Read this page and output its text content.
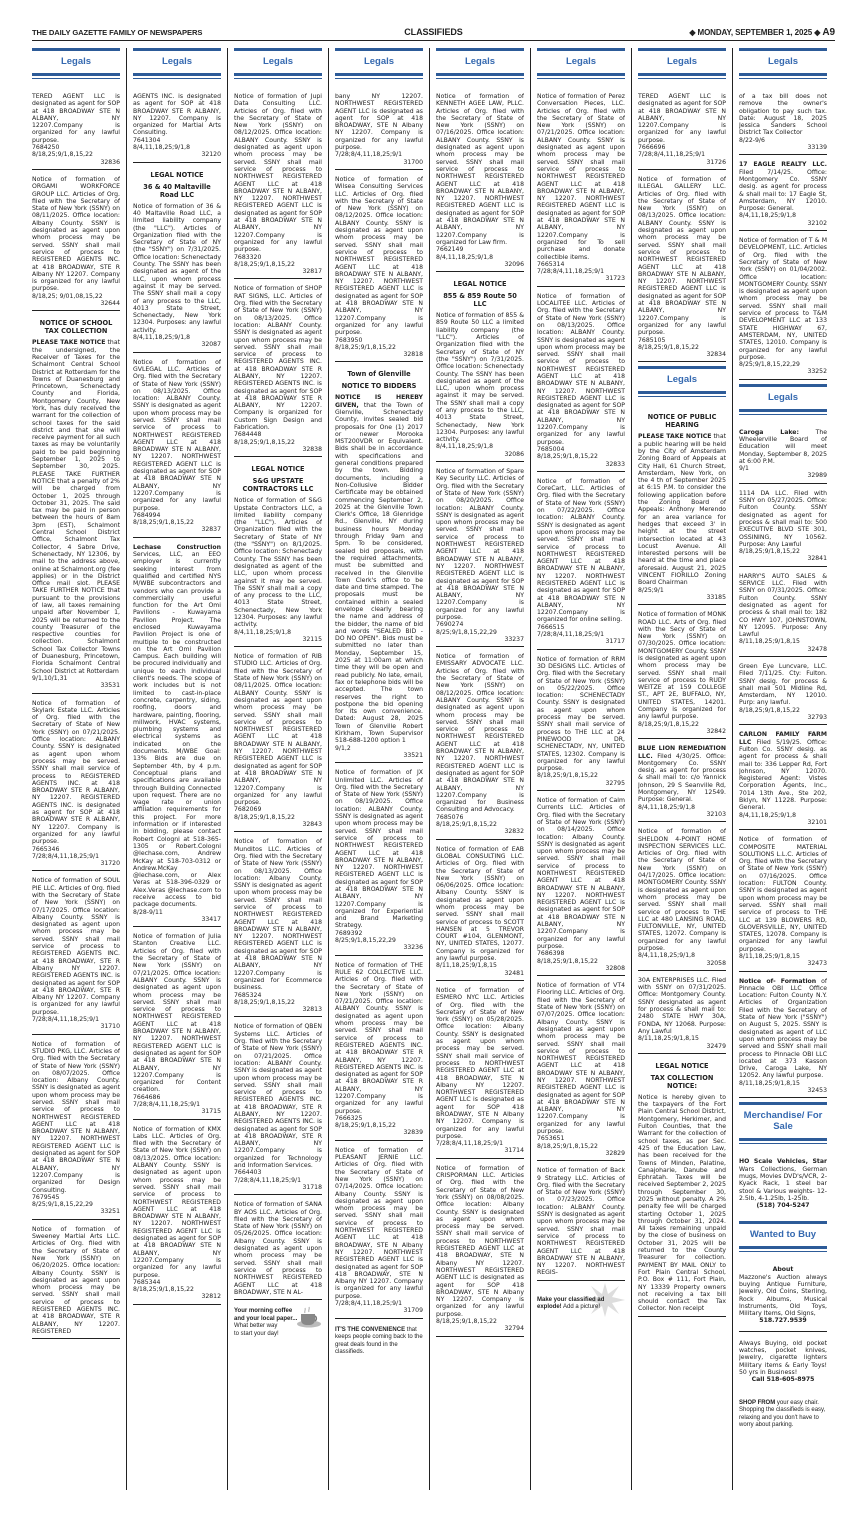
THE DAILY GAZETTE FAMILY OF NEWSPAPERS	CLASSIFIEDS	◆ MONDAY, SEPTEMBER 1, 2025 ◆ A9
Legals
TERED AGENT LLC is designated as agent for SOP at 418 BROADWAY STE N ALBANY, NY 12207.Company is organized for any lawful purpose.
7684250
8/18,25;9/1,8,15,22
32836
Notice of formation of ORGAMI WORKFORCE GROUP LLC. Articles of Org. filed with the Secretary of State of New York (SSNY) on 08/11/2025. Office location: Albany County. SSNY is designated as agent upon whom process may be served. SSNY shall mail service of process to REGISTERED AGENTS INC. at 418 BROADWAY, STE R Albany NY 12207. Company is organized for any lawful purpose.
8/18,25; 9/01,08,15,22
32644
NOTICE OF SCHOOL TAX COLLECTION
PLEASE TAKE NOTICE that the undersigned, the Receiver of Taxes for the Schalmont Central School District at Rotterdam for the Towns of Duanesburg and Princetown, Schenectady County and Florida, Montgomery County, New York, has duly received the warrant for the collection of school taxes for the said district and that she will receive payment for all such taxes as may be voluntarily paid to be paid beginning September 1, 2025 to September 30, 2025. PLEASE TAKE FURTHER NOTICE that a penalty of 2% will be charged from October 1, 2025 through October 31, 2025. The said tax may be paid in person between the hours of 8am 3pm (EST), Schalmont Central School District Office, Schalmont Tax Collector, 4 Sabre Drive, Schenectady, NY 12306, by mail to the address above, online at Schalmont.org (fee applies) or in the District Office mail slot. PLEASE TAKE FURTHER NOTICE that pursuant to the provisions of law, all taxes remaining unpaid after November 1, 2025 will be returned to the county Treasurer of the respective counties for collection. Schalmont School Tax Collector Towns of Duanesburg, Princetown, Florida Schalmont Central School District at Rotterdam
9/1,10/1,31
33531
Notice of formation of Skylark Estate LLC. Articles of Org. filed with the Secretary of State of New York (SSNY) on 07/21/2025. Office location: ALBANY County. SSNY is designated as agent upon whom process may be served. SSNY shall mail service of process to REGISTERED AGENTS INC. at 418 BROADWAY STE R ALBANY, NY 12207. REGISTERED AGENTS INC. is designated as agent for SOP at 418 BROADWAY STE R ALBANY, NY 12207. Company is organized for any lawful purpose.
7665346
7/28;8/4,11,18,25;9/1
31720
Notice of formation of SOUL PIE LLC. Articles of Org. filed with the Secretary of State of New York (SSNY) on 07/17/2025. Office location: Albany County. SSNY is designated as agent upon whom process may be served. SSNY shall mail service of process to REGISTERED AGENTS INC. at 418 BROADWAY, STE R Albany NY 12207. REGISTERED AGENTS INC. is designated as agent for SOP at 418 BROADWAY, STE R Albany NY 12207. Company is organized for any lawful purpose.
7/28;8/4,11,18,25;9/1
31710
Notice of formation of STUDIO PKG, LLC. Articles of Org. filed with the Secretary of State of New York (SSNY) on 08/07/2025. Office location: Albany County. SSNY is designated as agent upon whom process may be served. SSNY shall mail service of process to NORTHWEST REGISTERED AGENT LLC at 418 BROADWAY STE N ALBANY, NY 12207. NORTHWEST REGISTERED AGENT LLC is designated as agent for SOP at 418 BROADWAY STE N ALBANY, NY 12207.Company is organized for Design Consulting.
7679545
8/25;9/1,8,15,22,29
33251
Notice of formation of Sweeney Martial Arts LLC. Articles of Org. filed with the Secretary of State of New York (SSNY) on 06/20/2025. Office location: Albany County. SSNY is designated as agent upon whom process may be served. SSNY shall mail service of process to REGISTERED AGENTS INC. at 418 BROADWAY, STE R ALBANY, NY 12207. REGISTERED
Legals
AGENTS INC. is designated as agent for SOP at 418 BROADWAY STE R ALBANY, NY 12207. Company is organized for Martial Arts Consulting.
7641304
8/4,11,18,25;9/1,8
32120
LEGAL NOTICE
36 & 40 Maltaville Road LLC
Notice of formation of 36 & 40 Maltaville Road LLC, a limited liability company (the "LLC"). Articles of Organization filed with the Secretary of State of NY (the "SSNY") on 7/31/2025. Office location: Schenectady County. The SSNY has been designated as agent of the LLC, upon whom process against it may be served. The SSNY shall mail a copy of any process to the LLC, 4013 State Street, Schenectady, New York 12304. Purposes: any lawful activity.
8/4,11,18,25;9/1,8
32087
Notice of formation of GVLEGAL LLC. Articles of Org. filed with the Secretary of State of New York (SSNY) on 08/13/2025. Office location: ALBANY County. SSNY is designated as agent upon whom process may be served. SSNY shall mail service of process to NORTHWEST REGISTERED AGENT LLC at 418 BROADWAY STE N ALBANY, NY 12207. NORTHWEST REGISTERED AGENT LLC is designated as agent for SOP at 418 BROADWAY STE N ALBANY, NY 12207.Company is organized for any lawful purpose.
7684994
8/18,25;9/1,8,15,22
32837
Lechase Construction Services, LLC, an EEO employer is currently seeking interest from qualified and certified NYS M/WBE subcontractors and vendors who can provide a commercially useful function for the Art Omi Pavilions - Kuwayama Pavilion Project. The enclosed Kuwayama Pavilion Project is one of multiple to be constructed on the Art Omi Pavilion Campus. Each building will be procured individually and unique to each individual client's needs. The scope of work includes but is not limited to cast-in-place concrete, carpentry, siding, roofing, doors and hardware, painting, flooring, millwork, HVAC systems, plumbing systems and electrical systems as indicated on the documents. M/WBE Goal: 13% Bids are due on September 4th, by 4 p.m. Conceptual plans and specifications are available through Building Connected upon request. There are no wage rate or union affiliation requirements for this project. For more information or if interested in bidding, please contact Robert Cologni at 518-365-1305 or Robert.Cologni @lechase.com, Andrew McKay at 518-703-0312 or Andrew.McKay @lechase.com, or Alex Veras at 518-396-0329 or Alex.Veras @lechase.com to receive access to bid package documents.
8/28-9/11
33417
Notice of formation of Julia Stanton Creative LLC. Articles of Org. filed with the Secretary of State of New York (SSNY) on 07/21/2025. Office location: ALBANY County. SSNY is designated as agent upon whom process may be served. SSNY shall mail service of process to NORTHWEST REGISTERED AGENT LLC at 418 BROADWAY STE N ALBANY, NY 12207. NORTHWEST REGISTERED AGENT LLC is designated as agent for SOP at 418 BROADWAY STE N ALBANY, NY 12207.Company is organized for Content creation.
7664686
7/28;8/4,11,18,25;9/1
31715
Notice of formation of KMX Labs LLC. Articles of Org. filed with the Secretary of State of New York (SSNY) on 08/13/2025. Office location: ALBANY County. SSNY is designated as agent upon whom process may be served. SSNY shall mail service of process to NORTHWEST REGISTERED AGENT LLC at 418 BROADWAY STE N ALBANY, NY 12207. NORTHWEST REGISTERED AGENT LLC is designated as agent for SOP at 418 BROADWAY STE N ALBANY, NY 12207.Company is organized for any lawful purpose.
7685344
8/18,25;9/1,8,15,22
32812
Legals
Notice of formation of Jupi Data Consulting LLC. Articles of Org. filed with the Secretary of State of New York (SSNY) on 08/12/2025. Office location: ALBANY County. SSNY is designated as agent upon whom process may be served. SSNY shall mail service of process to NORTHWEST REGISTERED AGENT LLC at 418 BROADWAY STE N ALBANY, NY 12207. NORTHWEST REGISTERED AGENT LLC is designated as agent for SOP at 418 BROADWAY STE N ALBANY, NY 12207.Company is organized for any lawful purpose.
7683320
8/18,25;9/1,8,15,22
32817
Notice of formation of SHOP RAT SIGNS, LLC. Articles of Org. filed with the Secretary of State of New York (SSNY) on 08/13/2025. Office location: ALBANY County. SSNY is designated as agent upon whom process may be served. SSNY shall mail service of process to REGISTERED AGENTS INC. at 418 BROADWAY STE R ALBANY, NY 12207. REGISTERED AGENTS INC. is designated as agent for SOP at 418 BROADWAY STE R ALBANY, NY 12207. Company is organized for Custom Sign Design and Fabrication.
7684448
8/18,25;9/1,8,15,22
32838
LEGAL NOTICE
S&G UPSTATE CONTRACTORS LLC
Notice of formation of S&G Upstate Contractors LLC, a limited liability company (the "LLC"). Articles of Organization filed with the Secretary of State of NY (the "SSNY") on 8/1/2025. Office location: Schenectady County. The SSNY has been designated as agent of the LLC, upon whom process against it may be served. The SSNY shall mail a copy of any process to the LLC, 4013 State Street, Schenectady, New York 12304. Purposes: any lawful activity.
8/4,11,18,25;9/1,8
32115
Notice of formation of RIB STUDIO LLC. Articles of Org. filed with the Secretary of State of New York (SSNY) on 08/11/2025. Office location: ALBANY County. SSNY is designated as agent upon whom process may be served. SSNY shall mail service of process to NORTHWEST REGISTERED AGENT LLC at 418 BROADWAY STE N ALBANY, NY 12207. NORTHWEST REGISTERED AGENT LLC is designated as agent for SOP at 418 BROADWAY STE N ALBANY, NY 12207.Company is organized for any lawful purpose.
7682069
8/18,25;9/1,8,15,22
32843
Notice of formation of Munditos LLC. Articles of Org. filed with the Secretary of State of New York (SSNY) on 08/13/2025. Office location: Albany County. SSNY is designated as agent upon whom process may be served. SSNY shall mail service of process to NORTHWEST REGISTERED AGENT LLC at 418 BROADWAY STE N ALBANY, NY 12207. NORTHWEST REGISTERED AGENT LLC is designated as agent for SOP at 418 BROADWAY STE N ALBANY, NY 12207.Company is organized for Ecommerce business.
7685324
8/18,25;9/1,8,15,22
32813
Notice of formation of QBEN Systems LLC. Articles of Org. filed with the Secretary of State of New York (SSNY) on 07/21/2025. Office location: ALBANY County. SSNY is designated as agent upon whom process may be served. SSNY shall mail service of process to REGISTERED AGENTS INC. at 418 BROADWAY, STE R ALBANY, NY 12207. REGISTERED AGENTS INC. is designated as agent for SOP at 418 BROADWAY, STE R ALBANY, NY 12207.Company is organized for Technology and Information Services.
7664403
7/28;8/4,11,18,25;9/1
31718
Notice of formation of SANA BY AOS LLC. Articles of Org. filed with the Secretary of State of New York (SSNY) on 05/26/2025. Office location: Albany County. SSNY is designated as agent upon whom process may be served. SSNY shall mail service of process to NORTHWEST REGISTERED AGENT LLC at 418 BROADWAY, STE N AL-
Your morning coffee
and your local paper...
What better way
to start your day!
Legals
bany NY 12207. NORTHWEST REGISTERED AGENT LLC is designated as agent for SOP at 418 BROADWAY, STE N Albany NY 12207. Company is organized for any lawful purpose.
7/28;8/4,11,18,25;9/1
31700
Notice of formation of Wilsea Consulting Services LLC. Articles of Org. filed with the Secretary of State of New York (SSNY) on 08/12/2025. Office location: ALBANY County. SSNY is designated as agent upon whom process may be served. SSNY shall mail service of process to NORTHWEST REGISTERED AGENT LLC at 418 BROADWAY STE N ALBANY, NY 12207. NORTHWEST REGISTERED AGENT LLC is designated as agent for SOP at 418 BROADWAY STE N ALBANY, NY 12207.Company is organized for any lawful purpose.
7683950
8/18,25;9/1,8,15,22
32818
Town of Glenville
NOTICE TO BIDDERS
NOTICE IS HEREBY GIVEN, that the Town of Glenville, Schenectady County, invites sealed bid proposals for One (1) 2017 or newer Morooka MST200VDR or Equivalent. Bids shall be in accordance with specifications and general conditions prepared by the town. Bidding documents, including a Non-Collusive Bidder Certificate may be obtained commencing September 2, 2025 at the Glenville Town Clerk's Office, 18 Glenridge Rd., Glenville, NY during business hours Monday through Friday 9am and 5pm. To be considered, sealed bid proposals, with the required attachments, must be submitted and received in the Glenville Town Clerk's office to be date and time stamped. The proposals must be contained within a sealed envelope clearly bearing the name and address of the bidder, the name of bid and words "SEALED BID - DO NO OPEN". Bids must be submitted no later than Monday, September 15, 2025 at 11:00am at which time they will be open and read publicly. No late, email, fax or telephone bids will be accepted. The town reserves the right to postpone the bid opening for its own convenience. Dated: August 28, 2025 Town of Glenville Robert Kirkham, Town Supervisor 518-688-1200 option 1
9/1,2
33521
Notice of formation of JX Unlimited LLC. Articles of Org. filed with the Secretary of State of New York (SSNY) on 08/19/2025. Office location: ALBANY County. SSNY is designated as agent upon whom process may be served. SSNY shall mail service of process to NORTHWEST REGISTERED AGENT LLC at 418 BROADWAY STE N ALBANY, NY 12207. NORTHWEST REGISTERED AGENT LLC is designated as agent for SOP at 418 BROADWAY STE N ALBANY, NY 12207.Company is organized for Experiential and Brand Marketing Strategy.
7689392
8/25;9/1,8,15,22,29
33236
Notice of formation of THE RULE 62 COLLECTIVE LLC. Articles of Org. filed with the Secretary of State of New York (SSNY) on 07/21/2025. Office location: ALBANY County. SSNY is designated as agent upon whom process may be served. SSNY shall mail service of process to REGISTERED AGENTS INC. at 418 BROADWAY STE R ALBANY, NY 12207. REGISTERED AGENTS INC. is designated as agent for SOP at 418 BROADWAY STE R ALBANY, NY 12207.Company is organized for any lawful purpose.
7666325
8/18,25;9/1,8,15,22
32839
Notice of formation of PLEASANT JERNIE LLC. Articles of Org. filed with the Secretary of State of New York (SSNY) on 07/14/2025. Office location: Albany County. SSNY is designated as agent upon whom process may be served. SSNY shall mail service of process to NORTHWEST REGISTERED AGENT LLC at 418 BROADWAY, STE N Albany NY 12207. NORTHWEST REGISTERED AGENT LLC is designated as agent for SOP 418 BROADWAY, STE N Albany NY 12207. Company is organized for any lawful purpose.
7/28;8/4,11,18,25;9/1
31709
IT'S THE CONVENIENCE that keeps people coming back to the great deals found in the classifieds.
Legals
Notice of formation of KENNETH AGEE LAW, PLLC. Articles of Org. filed with the Secretary of State of New York (SSNY) on 07/16/2025. Office location: ALBANY County. SSNY is designated as agent upon whom process may be served. SSNY shall mail service of process to NORTHWEST REGISTERED AGENT LLC at 418 BROADWAY STE N ALBANY, NY 12207. NORTHWEST REGISTERED AGENT LLC is designated as agent for SOP at 418 BROADWAY STE N ALBANY, NY 12207.Company is organized for Law firm.
7662149
8/4,11,18,25;9/1,8
32096
LEGAL NOTICE
855 & 859 Route 50 LLC
Notice of formation of 855 & 859 Route 50 LLC a limited liability company (the "LLC"). Articles of Organization filed with the Secretary of State of NY (the "SSNY") on 7/31/2025. Office location: Schenectady County. The SSNY has been designated as agent of the LLC, upon whom process against it may be served. The SSNY shall mail a copy of any process to the LLC, 4013 State Street, Schenectady, New York 12304. Purposes: any lawful activity.
8/4,11,18,25;9/1,8
32086
Notice of formation of Spare Key Security LLC. Articles of Org. filed with the Secretary of State of New York (SSNY) on 08/20/2025. Office location: ALBANY County. SSNY is designated as agent upon whom process may be served. SSNY shall mail service of process to NORTHWEST REGISTERED AGENT LLC at 418 BROADWAY STE N ALBANY, NY 12207. NORTHWEST REGISTERED AGENT LLC is designated as agent for SOP at 418 BROADWAY STE N ALBANY, NY 12207.Company is organized for any lawful purpose.
7690274
8/25;9/1,8,15,22,29
33237
Notice of formation of EMISSARY ADVOCATE LLC. Articles of Org. filed with the Secretary of State of New York (SSNY) on 08/12/2025. Office location: ALBANY County. SSNY is designated as agent upon whom process may be served. SSNY shall mail service of process to NORTHWEST REGISTERED AGENT LLC at 418 BROADWAY STE N ALBANY, NY 12207. NORTHWEST REGISTERED AGENT LLC is designated as agent for SOP at 418 BROADWAY STE N ALBANY, NY 12207.Company is organized for Business Consulting and Advocacy.
7685076
8/18,25;9/1,8,15,22
32832
Notice of formation of EAB GLOBAL CONSULTING LLC. Articles of Org. filed with the Secretary of State of New York (SSNY) on 06/06/2025. Office location: Albany County. SSNY is designated as agent upon whom process may be served. SSNY shall mail service of process to SCOTT HANSEN at 5 TREVOR COURT #104, GLENMONT, NY, UNITED STATES, 12077. Company is organized for any lawful purpose.
8/11,18,25;9/1,8,15
32481
Notice of formation of ESMERO NYC LLC. Articles of Org. filed with the Secretary of State of New York (SSNY) on 05/28/2025. Office location: Albany County. SSNY is designated as agent upon whom process may be served. SSNY shall mail service of process to NORTHWEST REGISTERED AGENT LLC at 418 BROADWAY, STE N Albany NY 12207. NORTHWEST REGISTERED AGENT LLC is designated as agent for SOP 418 BROADWAY, STE N Albany NY 12207. Company is organized for any lawful purpose.
7/28;8/4,11,18,25;9/1
31714
Notice of formation of CRISPORMAN LLC. Articles of Org. filed with the Secretary of State of New York (SSNY) on 08/08/2025. Office location: Albany County. SSNY is designated as agent upon whom process may be served. SSNY shall mail service of process to NORTHWEST REGISTERED AGENT LLC at 418 BROADWAY, STE N Albany NY 12207. NORTHWEST REGISTERED AGENT LLC is designated as agent for SOP 418 BROADWAY, STE N Albany NY 12207. Company is organized for any lawful purpose.
8/18,25;9/1,8,15,22
32794
Legals
Notice of formation of Perez Conversation Pieces, LLC. Articles of Org. filed with the Secretary of State of New York (SSNY) on 07/21/2025. Office location: ALBANY County. SSNY is designated as agent upon whom process may be served. SSNY shall mail service of process to NORTHWEST REGISTERED AGENT LLC at 418 BROADWAY STE N ALBANY, NY 12207. NORTHWEST REGISTERED AGENT LLC is designated as agent for SOP at 418 BROADWAY STE N ALBANY, NY 12207.Company is organized for To sell purchase and donate collectible items.
7665314
7/28;8/4,11,18,25;9/1
31723
Notice of formation of LOCALITEE LLC. Articles of Org. filed with the Secretary of State of New York (SSNY) on 08/13/2025. Office location: ALBANY County. SSNY is designated as agent upon whom process may be served. SSNY shall mail service of process to NORTHWEST REGISTERED AGENT LLC at 418 BROADWAY STE N ALBANY, NY 12207. NORTHWEST REGISTERED AGENT LLC is designated as agent for SOP at 418 BROADWAY STE N ALBANY, NY 12207.Company is organized for any lawful purpose.
7685004
8/18,25;9/1,8,15,22
32833
Notice of formation of CoreCart, LLC. Articles of Org. filed with the Secretary of State of New York (SSNY) on 07/22/2025. Office location: ALBANY County. SSNY is designated as agent upon whom process may be served. SSNY shall mail service of process to NORTHWEST REGISTERED AGENT LLC at 418 BROADWAY STE N ALBANY, NY 12207. NORTHWEST REGISTERED AGENT LLC is designated as agent for SOP at 418 BROADWAY STE N ALBANY, NY 12207.Company is organized for online selling.
7666515
7/28;8/4,11,18,25;9/1
31717
Notice of formation of RRM 3D DESIGNS LLC. Articles of Org. filed with the Secretary of State of New York (SSNY) on 05/22/2025. Office location: SCHENECTADY County. SSNY is designated as agent upon whom process may be served. SSNY shall mail service of process to THE LLC at 24 PINEWOOD DR, SCHENECTADY, NY, UNITED STATES, 12302. Company is organized for any lawful purpose.
8/18,25;9/1,8,15,22
32795
Notice of formation of Calm Currents LLC. Articles of Org. filed with the Secretary of State of New York (SSNY) on 08/14/2025. Office location: Albany County. SSNY is designated as agent upon whom process may be served. SSNY shall mail service of process to NORTHWEST REGISTERED AGENT LLC at 418 BROADWAY STE N ALBANY, NY 12207. NORTHWEST REGISTERED AGENT LLC is designated as agent for SOP at 418 BROADWAY STE N ALBANY, NY 12207.Company is organized for any lawful purpose.
7686398
8/18,25;9/1,8,15,22
32808
Notice of formation of VT4 Flooring LLC. Articles of Org. filed with the Secretary of State of New York (SSNY) on 07/07/2025. Office location: Albany County. SSNY is designated as agent upon whom process may be served. SSNY shall mail service of process to NORTHWEST REGISTERED AGENT LLC at 418 BROADWAY STE N ALBANY, NY 12207. NORTHWEST REGISTERED AGENT LLC is designated as agent for SOP at 418 BROADWAY STE N ALBANY, NY 12207.Company is organized for any lawful purpose.
7653651
8/18,25;9/1,8,15,22
32829
Notice of formation of Back 9 Strategy LLC. Articles of Org. filed with the Secretary of State of New York (SSNY) on 07/23/2025. Office location: ALBANY County. SSNY is designated as agent upon whom process may be served. SSNY shall mail service of process to NORTHWEST REGISTERED AGENT LLC at 418 BROADWAY STE N ALBANY, NY 12207. NORTHWEST REGIS-
Make your classified ad explode! Add a picture!
Legals
TERED AGENT LLC is designated as agent for SOP at 418 BROADWAY STE N ALBANY, NY 12207.Company is organized for any lawful purpose.
7666696
7/28;8/4,11,18,25;9/1
31726
Notice of formation of ILLEGAL GALLERY LLC. Articles of Org. filed with the Secretary of State of New York (SSNY) on 08/13/2025. Office location: ALBANY County. SSNY is designated as agent upon whom process may be served. SSNY shall mail service of process to NORTHWEST REGISTERED AGENT LLC at 418 BROADWAY STE N ALBANY, NY 12207. NORTHWEST REGISTERED AGENT LLC is designated as agent for SOP at 418 BROADWAY STE N ALBANY, NY 12207.Company is organized for any lawful purpose.
7685105
8/18,25;9/1,8,15,22
32834
Legals
NOTICE OF PUBLIC HEARING
PLEASE TAKE NOTICE that a public hearing will be held by the City of Amsterdam Zoning Board of Appeals at City Hall, 61 Church Street, Amsterdam, New York, on the 4 th of September 2025 at 6:15 P.M. to consider the following application before the Zoning Board of Appeals: Anthony Merendo for an area variance for hedges that exceed 3' in height at the street intersection located at 43 Locust Avenue. All interested persons will be heard at the time and place aforesaid. August 21, 2025 VINCENT FIORILLO Zoning Board Chairman
8/25;9/1
33185
Notice of formation of MONK ROAD LLC. Arts of Org. filed with the Secy of State of New York (SSNY) on 07/30/2025. Office location: MONTGOMERY County. SSNY is designated as agent upon whom process may be served. SSNY shall mail service of process to RUDY WEITZE at 159 COLLEGE ST., APT 2E, BUFFALO, NY, UNITED STATES, 14201. Company is organized for any lawful purpose.
8/18,25;9/1,8,15,22
32842
BLUE LION REMEDIATION LLC. Filed 4/30/25. Office: Montgomery Co. SSNY desig. as agent for process & shall mail to: c/o Yannick Johnson, 29 S Seanville Rd, Montgomery, NY 12549. Purpose: General.
8/4,11,18,25;9/1,8
32103
Notice of formation of SHELDON 4-POINT HOME INSPECTION SERVICES LLC. Articles of Org. filed with the Secretary of State of New York (SSNY) on 04/17/2025. Office location: MONTGOMERY County. SSNY is designated as agent upon whom process may be served. SSNY shall mail service of process to THE LLC at 480 LANSING ROAD, FULTONVILLE, NY, UNITED STATES, 12072. Company is organized for any lawful purpose.
8/4,11,18,25;9/1,8
32058
30A ENTERPRISES LLC. Filed with SSNY on 07/31/2025. Office: Montgomery County. SSNY designated as agent for process & shall mail to: 2480 STATE HWY 30A, FONDA, NY 12068. Purpose: Any Lawful
8/11,18,25;9/1,8,15
32479
LEGAL NOTICE
TAX COLLECTION NOTICE:
Notice is hereby given to the taxpayers of the Fort Plain Central School District, Montgomery, Herkimer, and Fulton Counties, that the Warrant for the collection of school taxes, as per Sec. 425 of the Education Law, has been received for the Towns of Minden, Palatine, Canajoharie, Danube and Ephratah. Taxes will be received September 2, 2025 through September 30, 2025 without penalty. A 2% penalty fee will be charged starting October 1, 2025 through October 31, 2024. All taxes remaining unpaid by the close of business on October 31, 2025 will be returned to the County Treasurer for collection. PAYMENT BY MAIL ONLY to Fort Plain Central School, P.O. Box # 111, Fort Plain, NY 13339 Property owners not receiving a tax bill should contact the Tax Collector. Non receipt
Legals
of a tax bill does not remove the owner's obligation to pay such tax. Date: August 18, 2025 Jessica Sanders School District Tax Collector
8/22-9/6
33139
17 EAGLE REALTY LLC. Filed 7/14/25. Office: Montgomery Co. SSNY desig. as agent for process & shall mail to: 17 Eagle St, Amsterdam, NY 12010. Purpose: General.
8/4,11,18,25;9/1,8
32102
Notice of formation of T & M DEVELOPMENT, LLC. Articles of Org. filed with the Secretary of State of New York (SSNY) on 01/04/2002. Office location: MONTGOMERY County. SSNY is designated as agent upon whom process may be served. SSNY shall mail service of process to T&M DEVELOPMENT LLC at 133 STATE HIGHWAY 67, AMSTERDAM, NY, UNITED STATES, 12010. Company is organized for any lawful purpose.
8/25;9/1,8,15,22,29
33252
Legals
Caroga Lake:	The Wheelerville Board of Education will meet Monday, September 8, 2025 at 6:00 P.M.
9/1
32989
1114 DA LLC. Filed with SSNY on 05/27/2025. Office: Fulton County. SSNY designated as agent for process & shall mail to: 500 EXECUTIVE BLVD STE 301, OSSINING, NY 10562. Purpose: Any Lawful
8/18,25;9/1,8,15,22
32841
HARRY'S AUTO SALES & SERVICE LLC. Filed with SSNY on 07/31/2025. Office: Fulton County. SSNY designated as agent for process & shall mail to: 182 CO HWY 107, JOHNSTOWN, NY 12095. Purpose: Any Lawful
8/11,18,25;9/1,8,15
32478
Green Eye Luncvare, LLC. Filed 7/11/25. Cty: Fulton. SSNY desig. for process & shall mail 501 Midline Rd, Amsterdam, NY 12010. Purp: any lawful.
8/18,25;9/1,8,15,22
32793
CARLON FAMILY FARM LLC Filed 5/19/25. Office: Fulton Co. SSNY desig. as agent for process & shall mail to: 336 Lepper Rd, Fort Johnson, NY 12070. Registered Agent: Vistes Corporation Agents, Inc., 7014 13th Ave., Ste 202, Bklyn, NY 11228. Purpose: General.
8/4,11,18,25;9/1,8
32101
Notice of formation of COMPOSITE MATERIAL SOLUTIONS L.L.C. Articles of Org. filed with the Secretary of State of New York (SSNY) on 07/16/2025. Office location: FULTON County. SSNY is designated as agent upon whom process may be served. SSNY shall mail service of process to THE LLC at 139 BLOWERS RD, GLOVERSVILLE, NY, UNITED STATES, 12078. Company is organized for any lawful purpose.
8/11,18,25;9/1,8,15
32473
Notice of- Formation of Pinnacle OBI LLC Office Location: Fulton County N.Y. Articles of Organization Filed with the Secretary of State of New York ("SSNY") on August 5, 2025. SSNY is designated as agent of LLC upon whom process may be served and SSNY shall mail process to Pinnacle OBI LLC located at 373 Kasson Drive, Caroga Lake, NY 12052. Any lawful purpose.
8/11,18,25;9/1,8,15
32453
Merchandise/ For Sale
HO Scale Vehicles, Star Wars Collections, German mugs, Movies DVD's/VCR, 2-Kyack Rack, 1 steel bar stool & Various weights- 12-2.5lb, 4-1.25lb, 1-25lb.
(518) 704-5247
Wanted to Buy
About
Mazzone's Auction always buying Antique Furniture, Jewelry, Old Coins, Sterling, Rock Albums, Musical Instruments, Old Toys, Military Items, Old Signs,
518.727.9539
Always Buying, old pocket watches, pocket knives, Jewelry, cigarette lighters Military items & Early Toys! 50 yrs in Business!
Call 518-605-8975
SHOP FROM your easy chair. Shopping the classifieds is easy, relaxing and you don't have to worry about parking.
